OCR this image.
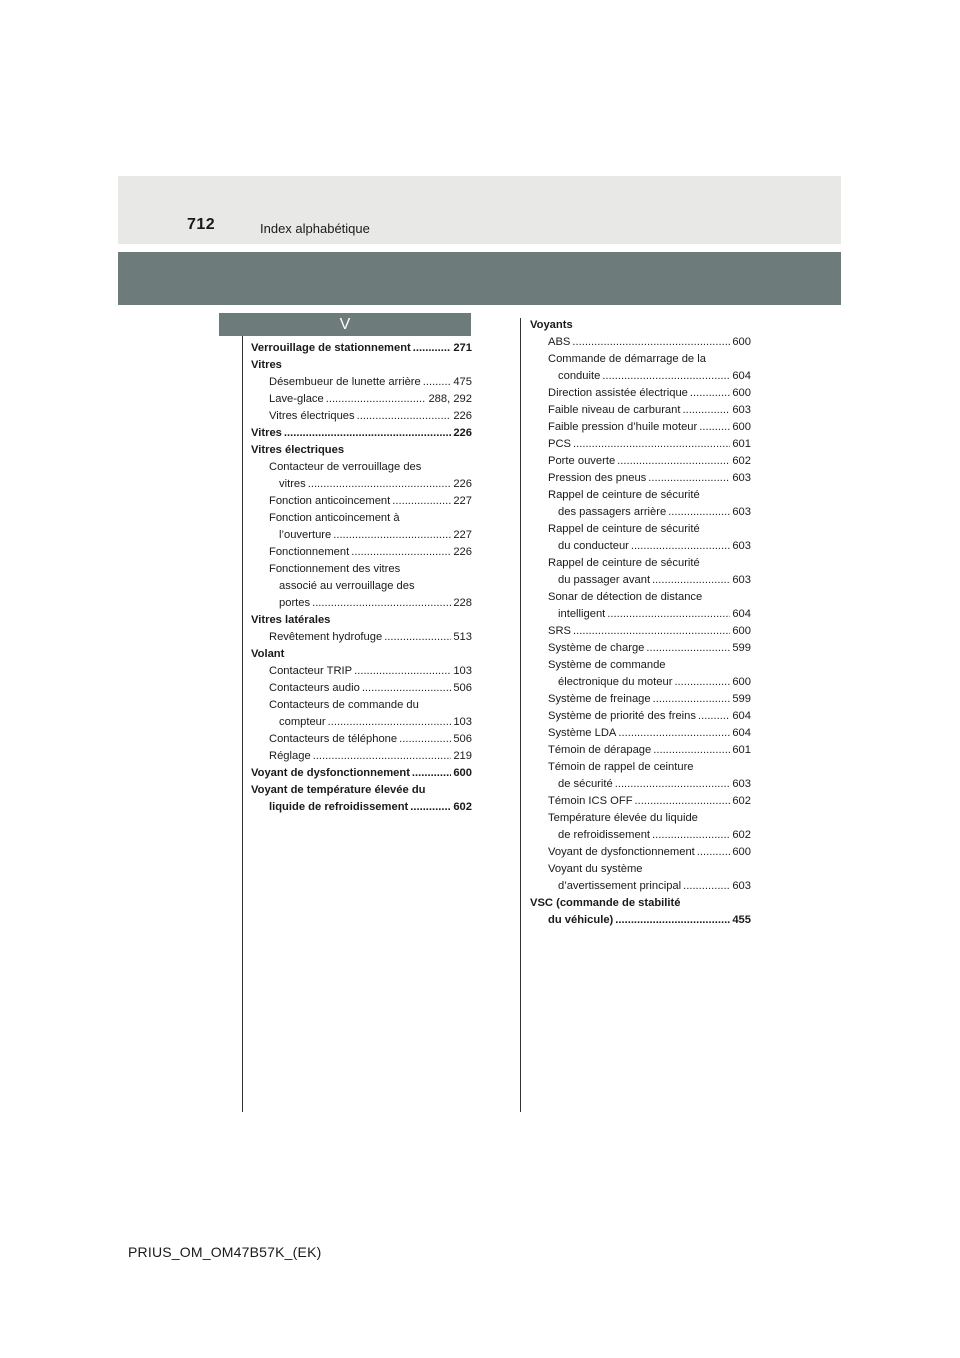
712	Index alphabétique
V
Verrouillage de stationnement .....	271
Vitres
Désembueur de lunette arrière .....	475
Lave-glace .....	288, 292
Vitres électriques .....	226
Vitres .....	226
Vitres électriques
Contacteur de verrouillage des
vitres .....	226
Fonction anticoincement .....	227
Fonction anticoincement à
l’ouverture .....	227
Fonctionnement .....	226
Fonctionnement des vitres
associé au verrouillage des
portes .....	228
Vitres latérales
Revêtement hydrofuge .....	513
Volant
Contacteur TRIP .....	103
Contacteurs audio .....	506
Contacteurs de commande du
compteur .....	103
Contacteurs de téléphone .....	506
Réglage .....	219
Voyant de dysfonctionnement .....	600
Voyant de température élevée du
liquide de refroidissement .....	602
Voyants
ABS .....	600
Commande de démarrage de la
conduite .....	604
Direction assistée électrique .....	600
Faible niveau de carburant .....	603
Faible pression d’huile moteur .....	600
PCS .....	601
Porte ouverte .....	602
Pression des pneus .....	603
Rappel de ceinture de sécurité
des passagers arrière .....	603
Rappel de ceinture de sécurité
du conducteur .....	603
Rappel de ceinture de sécurité
du passager avant .....	603
Sonar de détection de distance
intelligent .....	604
SRS .....	600
Système de charge .....	599
Système de commande
électronique du moteur .....	600
Système de freinage .....	599
Système de priorité des freins .....	604
Système LDA .....	604
Témoin de dérapage .....	601
Témoin de rappel de ceinture
de sécurité .....	603
Témoin ICS OFF .....	602
Température élevée du liquide
de refroidissement .....	602
Voyant de dysfonctionnement .....	600
Voyant du système
d’avertissement principal .....	603
VSC (commande de stabilité
du véhicule) .....	455
PRIUS_OM_OM47B57K_(EK)
